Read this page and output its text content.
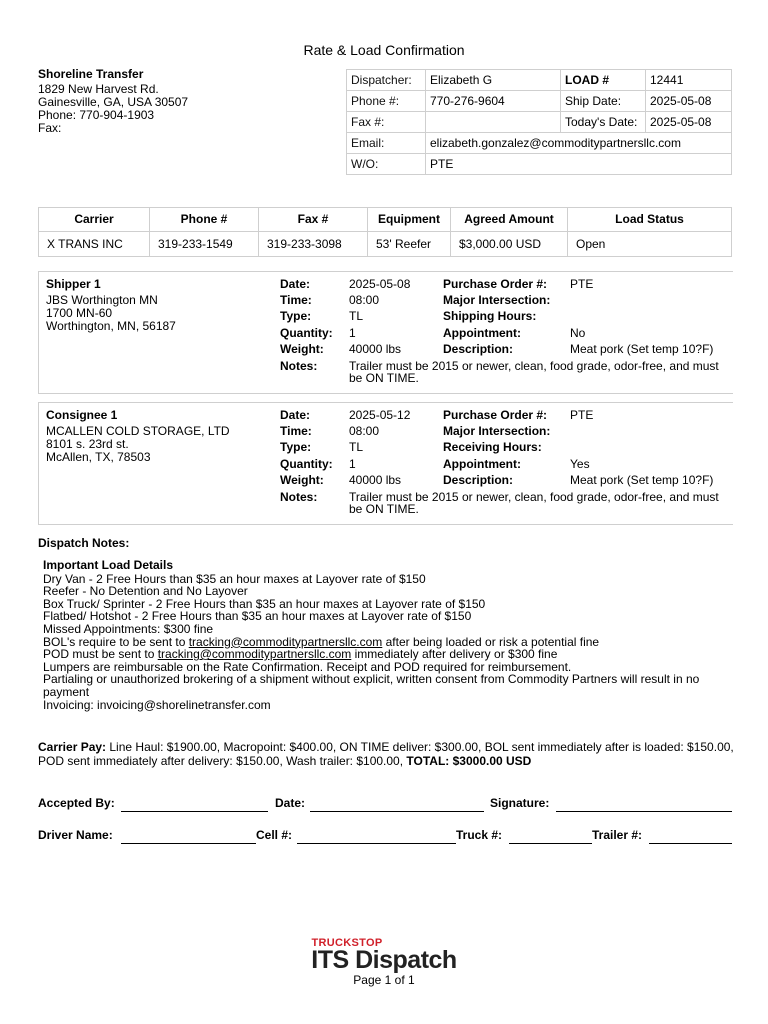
Rate & Load Confirmation
Shoreline Transfer
1829 New Harvest Rd.
Gainesville, GA, USA 30507
Phone: 770-904-1903
Fax:
Dispatcher:	Elizabeth G	LOAD #	12441
Phone #:	770-276-9604	Ship Date:	2025-05-08
Fax #:		Today's Date:	2025-05-08
Email:	elizabeth.gonzalez@commoditypartnersllc.com		
W/O:	PTE		
Carrier	Phone #	Fax #	Equipment	Agreed Amount	Load Status
X TRANS INC	319-233-1549	319-233-3098	53' Reefer	$3,000.00 USD	Open
Shipper 1
JBS Worthington MN
1700 MN-60
Worthington, MN, 56187
Date:	2025-05-08
Time:	08:00
Type:	TL
Quantity: 1
Weight: 40000 lbs
Notes:	Trailer must be 2015 or newer, clean, food grade, odor-free, and must be ON TIME.
Purchase Order #: PTE
Major Intersection:
Shipping Hours:
Appointment:	No
Description:	Meat pork (Set temp 10?F)
Consignee 1
MCALLEN COLD STORAGE, LTD
8101 s. 23rd st.
McAllen, TX, 78503
Date:	2025-05-12
Time:	08:00
Type:	TL
Quantity: 1
Weight: 40000 lbs
Notes:	Trailer must be 2015 or newer, clean, food grade, odor-free, and must be ON TIME.
Purchase Order #: PTE
Major Intersection:
Receiving Hours:
Appointment:	Yes
Description:	Meat pork (Set temp 10?F)
Dispatch Notes:
Important Load Details
Dry Van - 2 Free Hours than $35 an hour maxes at Layover rate of $150
Reefer - No Detention and No Layover
Box Truck/ Sprinter - 2 Free Hours than $35 an hour maxes at Layover rate of $150
Flatbed/ Hotshot - 2 Free Hours than $35 an hour maxes at Layover rate of $150
Missed Appointments: $300 fine
BOL's require to be sent to tracking@commoditypartnersllc.com after being loaded or risk a potential fine
POD must be sent to tracking@commoditypartnersllc.com immediately after delivery or $300 fine
Lumpers are reimbursable on the Rate Confirmation. Receipt and POD required for reimbursement.
Partialing or unauthorized brokering of a shipment without explicit, written consent from Commodity Partners will result in no payment
Invoicing: invoicing@shorelinetransfer.com
Carrier Pay: Line Haul: $1900.00, Macropoint: $400.00, ON TIME deliver: $300.00, BOL sent immediately after is loaded: $150.00, POD sent immediately after delivery: $150.00, Wash trailer: $100.00, TOTAL: $3000.00 USD
Accepted By:	Date:	Signature:
Driver Name:	Cell #:	Truck #:	Trailer #:
TRUCKSTOP
ITS Dispatch
Page 1 of 1
